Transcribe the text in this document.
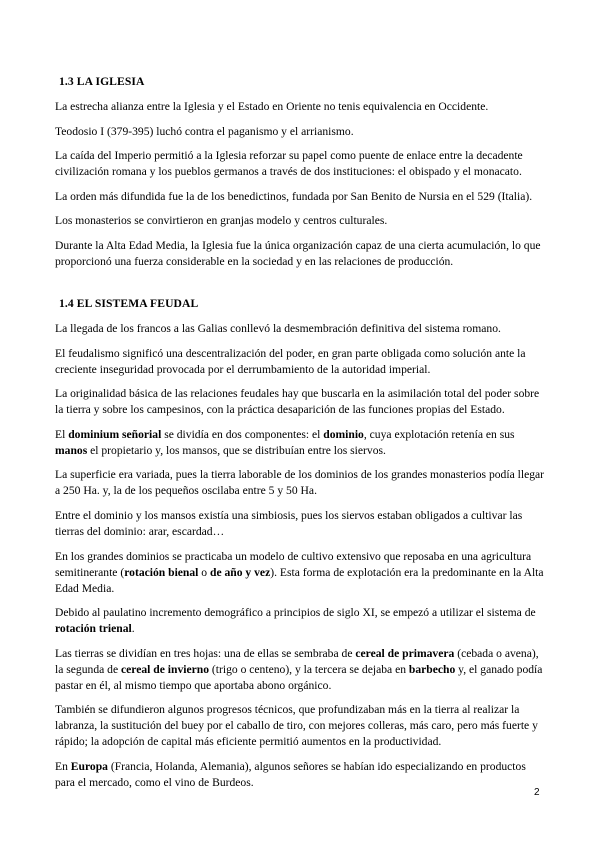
1.3 LA IGLESIA

La estrecha alianza entre la Iglesia y el Estado en Oriente no tenis equivalencia en Occidente.

Teodosio I (379-395) luchó contra el paganismo y el arrianismo.

La caída del Imperio permitió a la Iglesia reforzar su papel como puente de enlace entre la decadente civilización romana y los pueblos germanos a través de dos instituciones: el obispado y el monacato.

La orden más difundida fue la de los benedictinos, fundada por San Benito de Nursia en el 529 (Italia).

Los monasterios se convirtieron en granjas modelo y centros culturales.

Durante la Alta Edad Media, la Iglesia fue la única organización capaz de una cierta acumulación, lo que proporcionó una fuerza considerable en la sociedad y en las relaciones de producción.

1.4 EL SISTEMA FEUDAL

La llegada de los francos a las Galias conllevó la desmembración definitiva del sistema romano.

El feudalismo significó una descentralización del poder, en gran parte obligada como solución ante la creciente inseguridad provocada por el derrumbamiento de la autoridad imperial.

La originalidad básica de las relaciones feudales hay que buscarla en la asimilación total del poder sobre la tierra y sobre los campesinos, con la práctica desaparición de las funciones propias del Estado.

El dominium señorial se dividía en dos componentes: el dominio, cuya explotación retenía en sus manos el propietario y, los mansos, que se distribuían entre los siervos.

La superficie era variada, pues la tierra laborable de los dominios de los grandes monasterios podía llegar a 250 Ha. y, la de los pequeños oscilaba entre 5 y 50 Ha.

Entre el dominio y los mansos existía una simbiosis, pues los siervos estaban obligados a cultivar las tierras del dominio: arar, escardad…

En los grandes dominios se practicaba un modelo de cultivo extensivo que reposaba en una agricultura semitinerante (rotación bienal o de año y vez). Esta forma de explotación era la predominante en la Alta Edad Media.

Debido al paulatino incremento demográfico a principios de siglo XI, se empezó a utilizar el sistema de rotación trienal.

Las tierras se dividían en tres hojas: una de ellas se sembraba de cereal de primavera (cebada o avena), la segunda de cereal de invierno (trigo o centeno), y la tercera se dejaba en barbecho y, el ganado podía pastar en él, al mismo tiempo que aportaba abono orgánico.

También se difundieron algunos progresos técnicos, que profundizaban más en la tierra al realizar la labranza, la sustitución del buey por el caballo de tiro, con mejores colleras, más caro, pero más fuerte y rápido; la adopción de capital más eficiente permitió aumentos en la productividad.

En Europa (Francia, Holanda, Alemania), algunos señores se habían ido especializando en productos para el mercado, como el vino de Burdeos.

2
